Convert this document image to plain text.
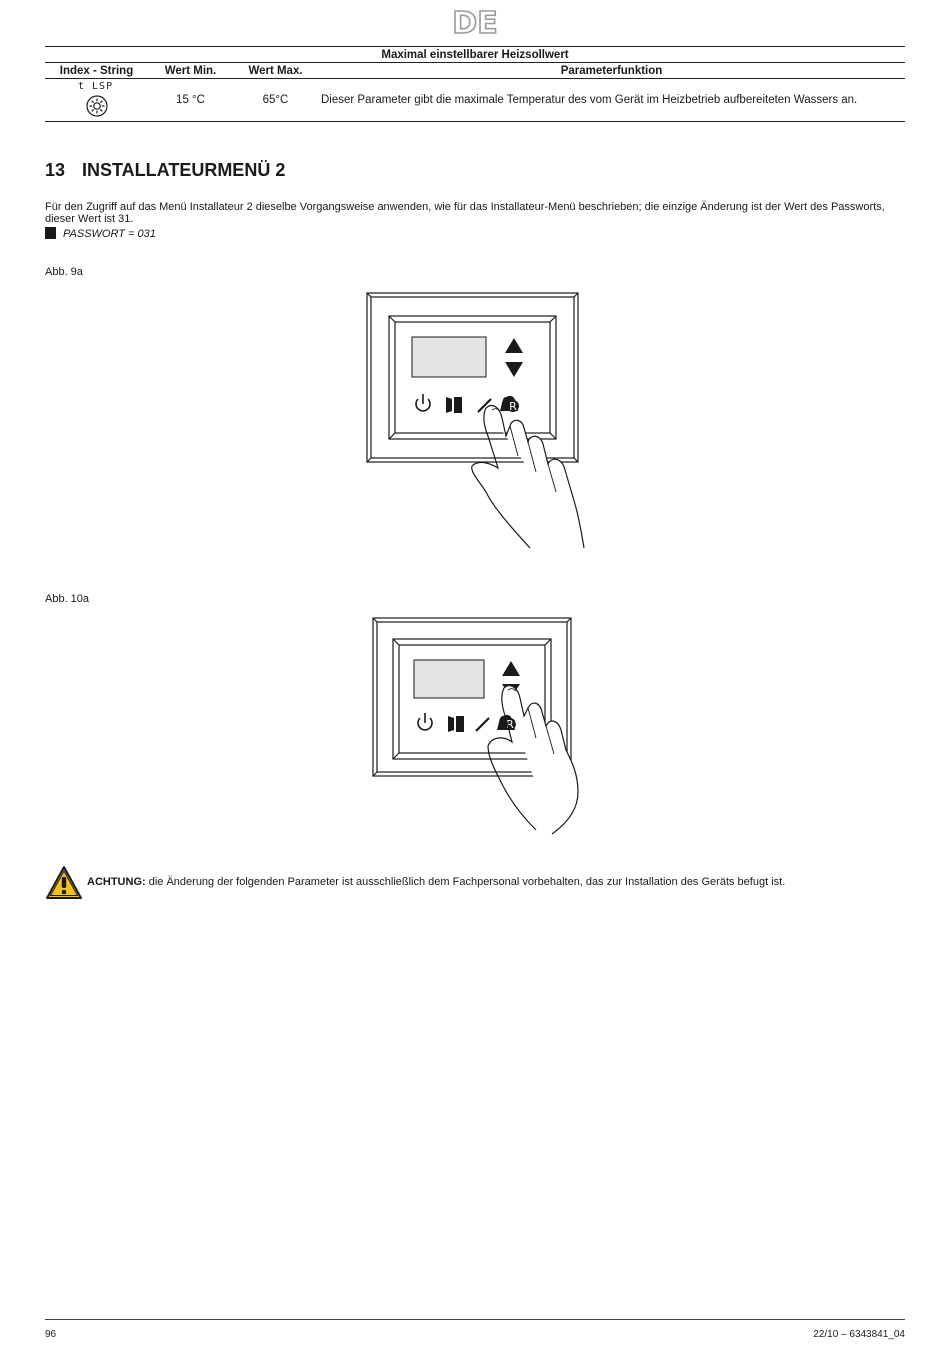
DE
Maximal einstellbarer Heizsollwert			
Index - String	Wert Min.	Wert Max.	Parameterfunktion

t LSP	15 °C	65°C	Dieser Parameter gibt die maximale Temperatur des vom Gerät im Heizbetrieb aufbereiteten Wassers an.
13 INSTALLATEURMENÜ 2

Für den Zugriff auf das Menü Installateur 2 dieselbe Vorgangsweise anwenden, wie für das Installateur-Menü beschrieben; die einzige Änderung ist der Wert des Passworts, dieser Wert ist 31.

PASSWORT = 031
Abb. 9a
R
Abb. 10a
R
ACHTUNG: die Änderung der folgenden Parameter ist ausschließlich dem Fachpersonal vorbehalten, das zur Installation des Geräts befugt ist.
96	22/10 – 6343841_04
